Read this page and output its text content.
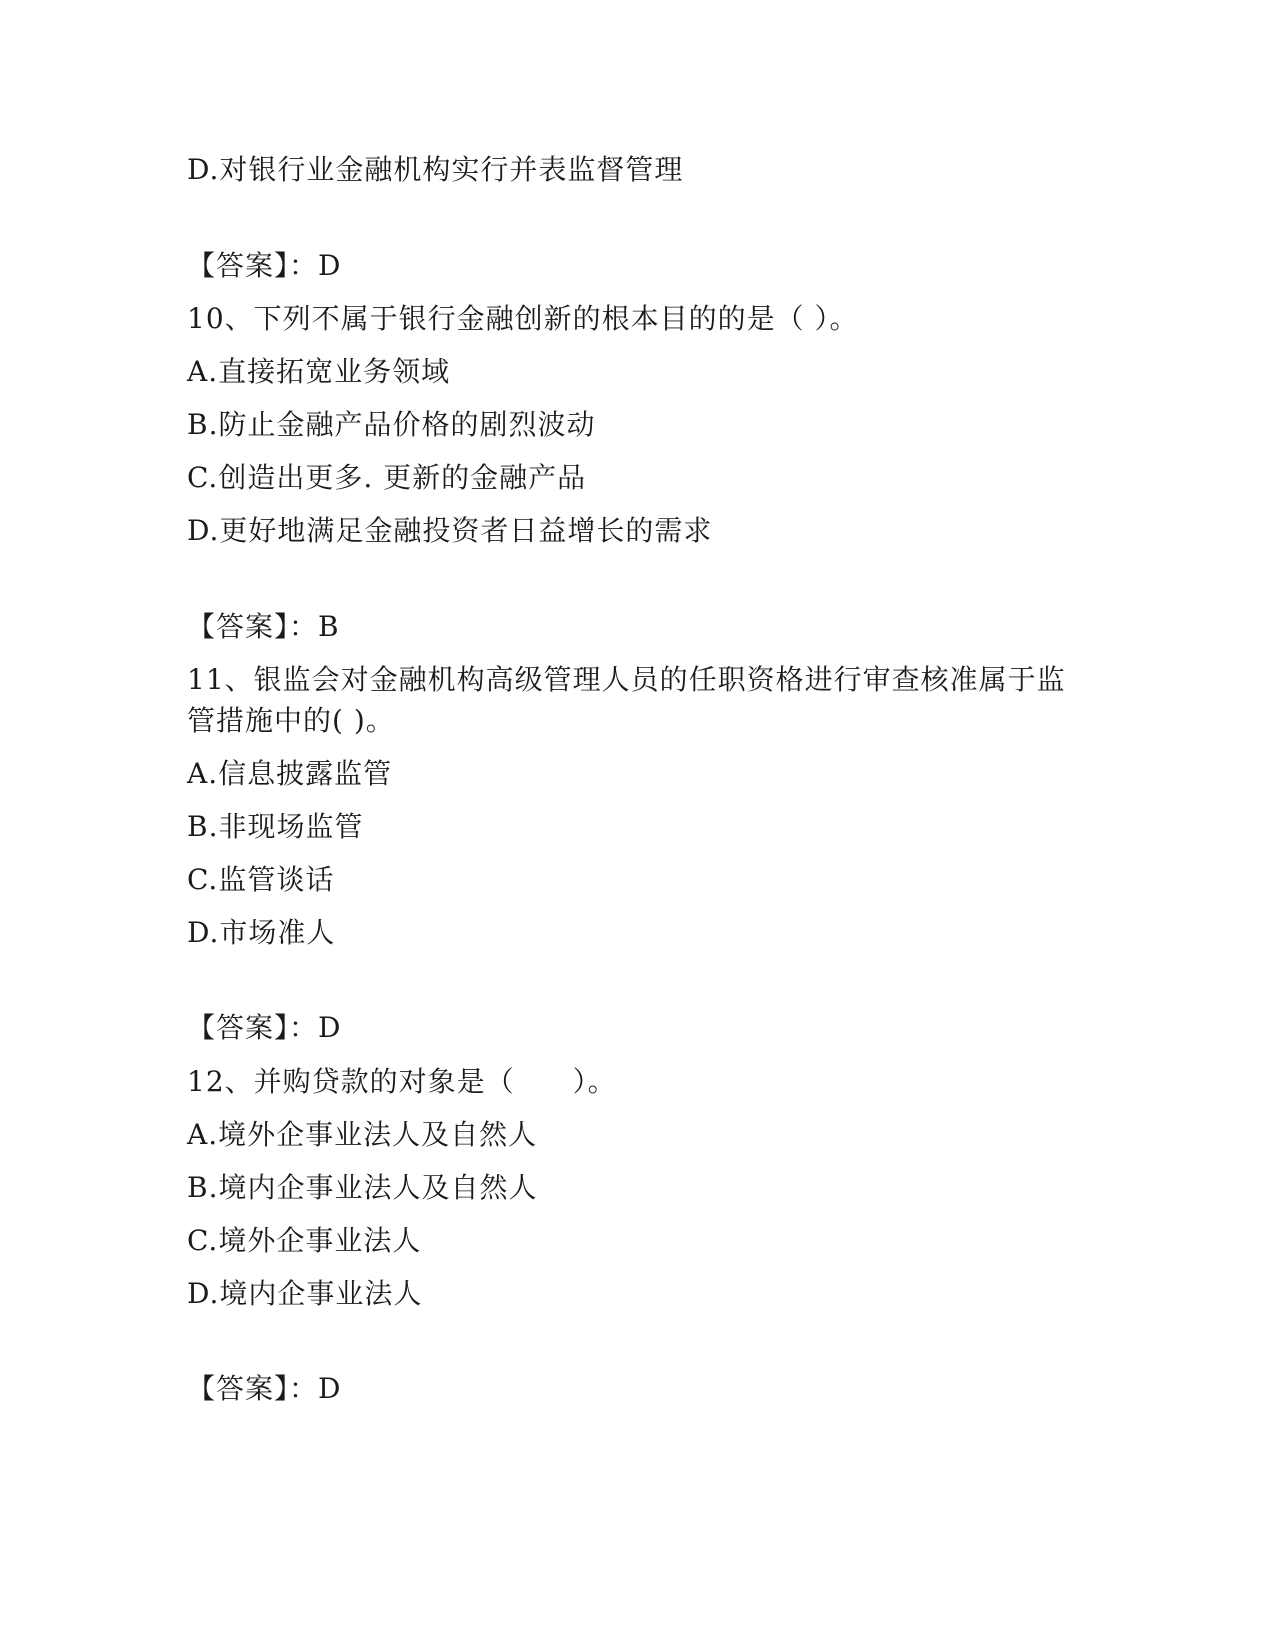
D.对银行业金融机构实行并表监督管理
【答案】：D
10、下列不属于银行金融创新的根本目的的是（ ）。
A.直接拓宽业务领域
B.防止金融产品价格的剧烈波动
C.创造出更多. 更新的金融产品
D.更好地满足金融投资者日益增长的需求
【答案】：B
11、银监会对金融机构高级管理人员的任职资格进行审查核准属于监
管措施中的( )。
A.信息披露监管
B.非现场监管
C.监管谈话
D.市场准人
【答案】：D
12、并购贷款的对象是（　　）。
A.境外企事业法人及自然人
B.境内企事业法人及自然人
C.境外企事业法人
D.境内企事业法人
【答案】：D
